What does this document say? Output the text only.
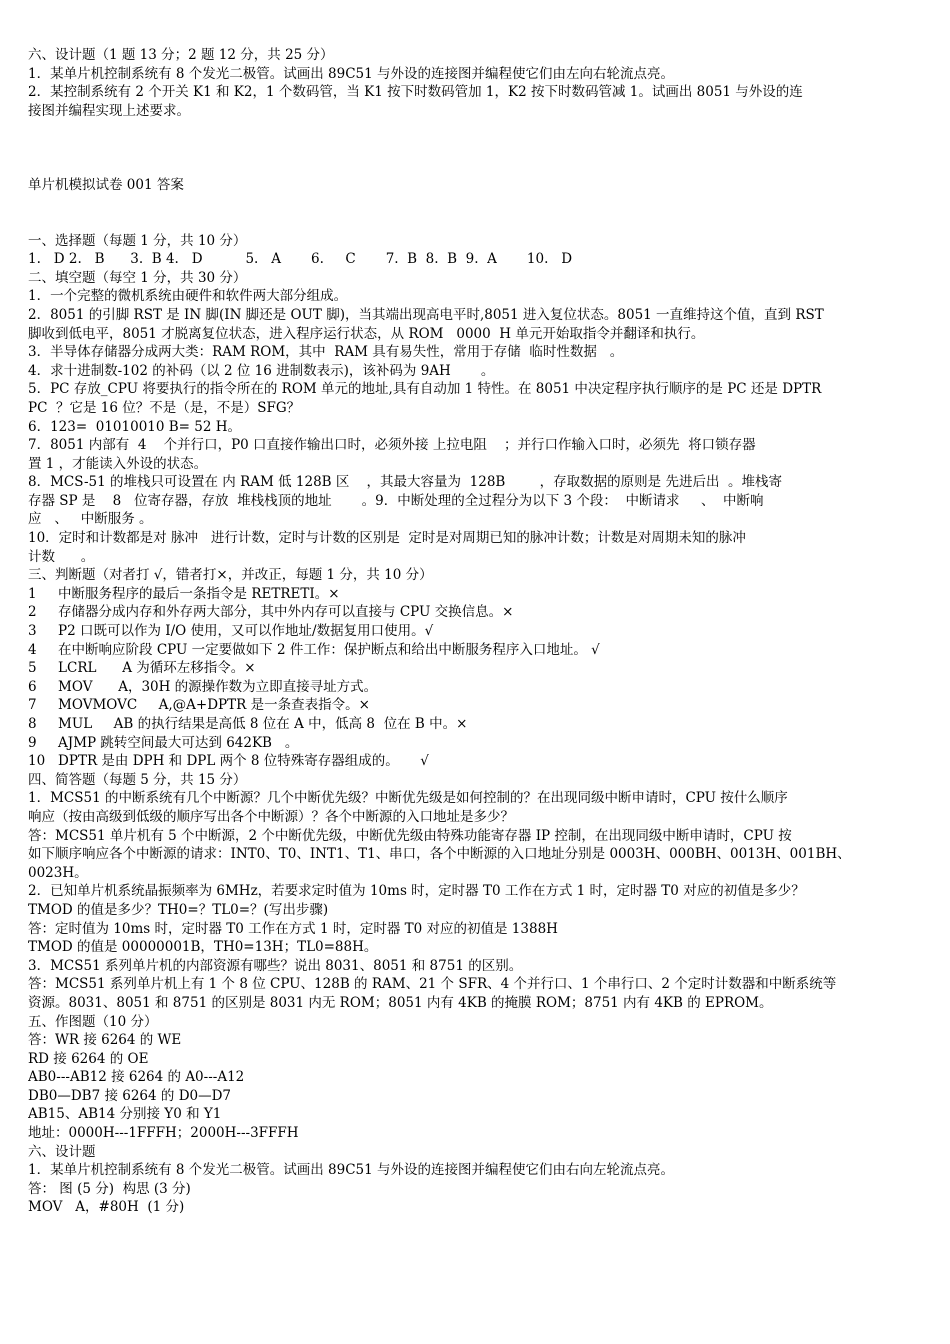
六、设计题（1 题 13 分；2 题 12 分，共 25 分）
1．某单片机控制系统有 8 个发光二极管。试画出 89C51 与外设的连接图并编程使它们由左向右轮流点亮。
2．某控制系统有 2 个开关 K1 和 K2，1 个数码管，当 K1 按下时数码管加 1，K2 按下时数码管减 1。试画出 8051 与外设的连
接图并编程实现上述要求。
单片机模拟试卷 001 答案
一、选择题（每题 1 分，共 10 分）
1.   D 2.   B      3.  B 4.   D          5.   A       6.     C       7.  B  8.  B  9.  A       10.   D
二、填空题（每空 1 分，共 30 分）
1．一个完整的微机系统由硬件和软件两大部分组成。
2．8051 的引脚 RST 是 IN 脚(IN 脚还是 OUT 脚)，当其端出现高电平时,8051 进入复位状态。8051 一直维持这个值，直到 RST
脚收到低电平，8051 才脱离复位状态，进入程序运行状态，从 ROM   0000  H 单元开始取指令并翻译和执行。
3．半导体存储器分成两大类：RAM ROM，其中  RAM 具有易失性，常用于存储  临时性数据   。
4．求十进制数-102 的补码（以 2 位 16 进制数表示)，该补码为 9AH       。
5．PC 存放_CPU 将要执行的指令所在的 ROM 单元的地址,具有自动加 1 特性。在 8051 中决定程序执行顺序的是 PC 还是 DPTR
PC  ？它是 16 位？不是（是，不是）SFG？
6．123=  01010010 B= 52 H。
7．8051 内部有  4    个并行口，P0 口直接作输出口时，必须外接 上拉电阻    ；并行口作输入口时，必须先  将口锁存器
置 1 ，才能读入外设的状态。
8．MCS-51 的堆栈只可设置在 内 RAM 低 128B 区    ，其最大容量为  128B        ，存取数据的原则是 先进后出  。堆栈寄
存器 SP 是    8   位寄存器，存放  堆栈栈顶的地址       。9．中断处理的全过程分为以下 3 个段：  中断请求     、  中断响
应   、   中断服务 。
10．定时和计数都是对 脉冲   进行计数，定时与计数的区别是  定时是对周期已知的脉冲计数；计数是对周期未知的脉冲
计数      。
三、判断题（对者打 √，错者打×，并改正，每题 1 分，共 10 分）
1     中断服务程序的最后一条指令是 RETRETI。×
2     存储器分成内存和外存两大部分，其中外内存可以直接与 CPU 交换信息。×
3     P2 口既可以作为 I/O 使用，又可以作地址/数据复用口使用。√
4     在中断响应阶段 CPU 一定要做如下 2 件工作：保护断点和给出中断服务程序入口地址。 √
5     LCRL      A 为循环左移指令。×
6     MOV      A，30H 的源操作数为立即直接寻址方式。
7     MOVMOVC     A,@A+DPTR 是一条查表指令。×
8     MUL     AB 的执行结果是高低 8 位在 A 中，低高 8  位在 B 中。×
9     AJMP 跳转空间最大可达到 642KB   。
10   DPTR 是由 DPH 和 DPL 两个 8 位特殊寄存器组成的。     √
四、简答题（每题 5 分，共 15 分）
1．MCS51 的中断系统有几个中断源？几个中断优先级？中断优先级是如何控制的？在出现同级中断申请时，CPU 按什么顺序
响应（按由高级到低级的顺序写出各个中断源）？各个中断源的入口地址是多少？
答：MCS51 单片机有 5 个中断源，2 个中断优先级，中断优先级由特殊功能寄存器 IP 控制，在出现同级中断申请时，CPU 按
如下顺序响应各个中断源的请求：INT0、T0、INT1、T1、串口，各个中断源的入口地址分别是 0003H、000BH、0013H、001BH、
0023H。
2．已知单片机系统晶振频率为 6MHz，若要求定时值为 10ms 时，定时器 T0 工作在方式 1 时，定时器 T0 对应的初值是多少？
TMOD 的值是多少？TH0=？TL0=？(写出步骤)
答：定时值为 10ms 时，定时器 T0 工作在方式 1 时，定时器 T0 对应的初值是 1388H
TMOD 的值是 00000001B，TH0=13H；TL0=88H。
3．MCS51 系列单片机的内部资源有哪些？说出 8031、8051 和 8751 的区别。
答：MCS51 系列单片机上有 1 个 8 位 CPU、128B 的 RAM、21 个 SFR、4 个并行口、1 个串行口、2 个定时计数器和中断系统等
资源。8031、8051 和 8751 的区别是 8031 内无 ROM；8051 内有 4KB 的掩膜 ROM；8751 内有 4KB 的 EPROM。
五、作图题（10 分）
答：WR 接 6264 的 WE
RD 接 6264 的 OE
AB0---AB12 接 6264 的 A0---A12
DB0—DB7 接 6264 的 D0—D7
AB15、AB14 分别接 Y0 和 Y1
地址：0000H---1FFFH；2000H---3FFFH
六、设计题
1．某单片机控制系统有 8 个发光二极管。试画出 89C51 与外设的连接图并编程使它们由右向左轮流点亮。
答： 图 (5 分)  构思 (3 分)
MOV   A，#80H  (1 分)
